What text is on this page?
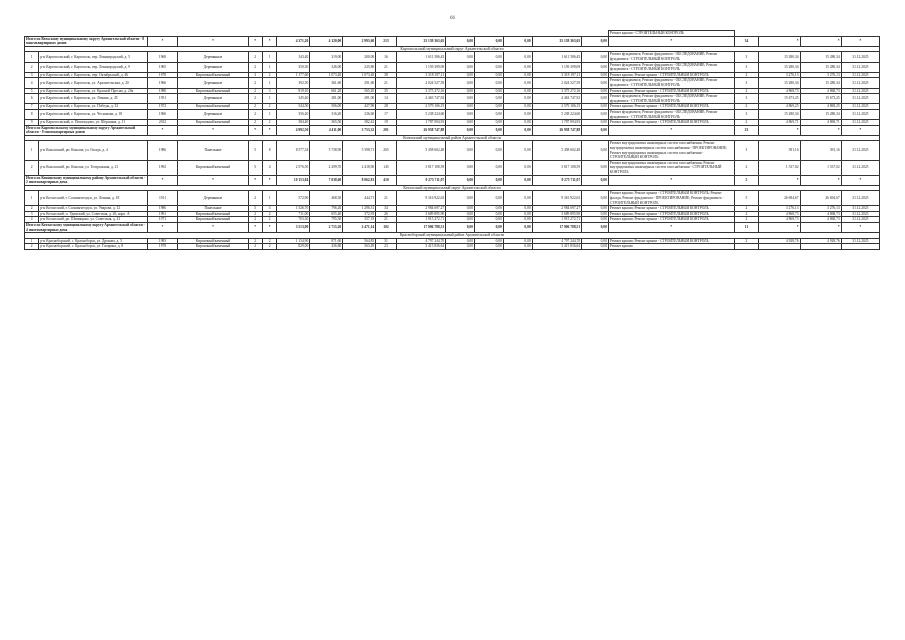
66
																Ремонт крыши - СТРОИТЕЛЬНЫЙ КОНТРОЛЬ				
Итого по Вельскому муниципальному округу Архангельской области - 8 многоквартирных домов		*	*	*	*	4 371,20	4 120,00	2 993,60	213	25 139 363,65	0,00	0,00	0,00	25 139 363,65	0,00	*	34	*	*	*
Каргопольский муниципальный округ Архангельской области																				
1	р-н Каргопольский, г. Каргополь, пер. Ленинградский, д. 5	1960	Деревянные	2	1	343,40	319,00	200,00	16	1 611 586,45	0,00	0,00	0,00	1 611 586,45	0,00	Ремонт фундамента; Ремонт фундамента - ОБСЛЕДОВАНИЕ; Ремонт фундамента - СТРОИТЕЛЬНЫЙ КОНТРОЛЬ	3	15 280,34	15 280,34	31.12.2025
2	р-н Каргопольский, г. Каргополь, пер. Ленинградский, д. 9	1965	Деревянные	2	1	350,30	326,00	225,80	21	1 159 299,09	0,00	0,00	0,00	1 159 299,09	0,00	Ремонт фундамента; Ремонт фундамента - ОБСЛЕДОВАНИЕ; Ремонт фундамента - СТРОИТЕЛЬНЫЙ КОНТРОЛЬ	3	15 280,34	15 280,34	31.12.2025
3	р-н Каргопольский, г. Каргополь, пер. Октябрьский, д. 46	1978	Кирпичный/каменный	3	2	1 177,60	1 073,40	1 073,40	38	3 318 197,11	0,00	0,00	0,00	3 318 197,11	0,00	Ремонт крыши; Ремонт крыши - СТРОИТЕЛЬНЫЙ КОНТРОЛЬ	2	3 276,13	3 276,13	31.12.2025
4	р-н Каргопольский, г. Каргополь, ул. Архангельская, д. 20	1966	Деревянные	2	1	392,50	361,60	291,60	21	2 024 527,59	0,00	0,00	0,00	2 024 527,59	0,00	Ремонт фундамента; Ремонт фундамента - ОБСЛЕДОВАНИЕ; Ремонт фундамента - СТРОИТЕЛЬНЫЙ КОНТРОЛЬ	3	15 280,34	15 280,34	31.12.2025
5	р-н Каргопольский, г. Каргополь, ул. Красной Пресни, д. 20а	1980	Кирпичный/каменный	2	3	819,10	661,20	565,20	35	3 375 272,16	0,00	0,00	0,00	3 375 272,16	0,00	Ремонт крыши; Ремонт крыши - СТРОИТЕЛЬНЫЙ КОНТРОЛЬ	2	4 868,73	4 868,73	31.12.2025
6	р-н Каргопольский, г. Каргополь, ул. Ленина, д. 45	1951	Деревянные	2	1	345,40	281,00	281,00	14	4 463 747,92	0,00	0,00	0,00	4 463 747,92	0,00	Ремонт фундамента; Ремонт фундамента - ОБСЛЕДОВАНИЕ; Ремонт фундамента - СТРОИТЕЛЬНЫЙ КОНТРОЛЬ	3	15 673,25	15 673,25	31.12.2025
7	р-н Каргопольский, г. Каргополь, ул. Победы, д. 32	1972	Кирпичный/каменный	2	2	544,50	506,00	427,90	28	2 579 106,15	0,00	0,00	0,00	2 579 106,15	0,00	Ремонт крыши; Ремонт крыши - СТРОИТЕЛЬНЫЙ КОНТРОЛЬ	2	4 869,25	4 869,25	31.12.2025
8	р-н Каргопольский, г. Каргополь, ул. Чеснокова, д. 18	1966	Деревянные	2	1	356,20	316,20	236,60	17	5 238 224,60	0,00	0,00	0,00	5 238 224,60	0,00	Ремонт фундамента; Ремонт фундамента - ОБСЛЕДОВАНИЕ; Ремонт фундамента - СТРОИТЕЛЬНЫЙ КОНТРОЛЬ	3	15 280,34	15 280,34	31.12.2025
9	р-н Каргопольский, п. Пешеходово, ул. Шершина, д. 11	2012	Кирпичный/каменный	2	2	384,40	365,50	382,42	19	1 787 094,93	0,00	0,00	0,00	1 787 094,93	0,00	Ремонт крыши; Ремонт крыши - СТРОИТЕЛЬНЫЙ КОНТРОЛЬ	2	4 869,71	4 869,71	31.12.2025
Итого по Каргопольскому муниципальному округу Архангельской области - 9 многоквартирных домов		*	*	*	*	4 992,50	4 411,00	3 753,32	201	26 958 747,88	0,00	0,00	0,00	26 958 747,88	0,00	*	23	*	*	*
Коношский муниципальный район Архангельской области																				
1	р-н Коношский, рп. Коноша, ул. Гвоздь, д. 4	1986	Панельные	5	8	8 577,34	5 738,90	5 398,71	265	5 458 602,48	0,00	0,00	0,00	5 458 602,48	0,00	Ремонт внутридомовых инженерных систем газоснабжения; Ремонт внутридомовых инженерных систем газоснабжения - ПРОЕКТИРОВАНИЕ; Ремонт внутридомовых инженерных систем газоснабжения - СТРОИТЕЛЬНЫЙ КОНТРОЛЬ	3	391,16	391,16	31.12.2025
2	р-н Коношский, рп. Коноша, ул. Театральная, д. 21	1992	Кирпичный/каменный	5	4	2 576,50	2 299,70	2 418,90	145	3 817 108,59	0,00	0,00	0,00	3 817 108,59	0,00	Ремонт внутридомовых инженерных систем газоснабжения; Ремонт внутридомовых инженерных систем газоснабжения - СТРОИТЕЛЬНЫЙ КОНТРОЛЬ	2	1 537,02	1 537,02	31.12.2025
Итого по Коношскому муниципальному району Архангельской области - 2 многоквартирных дома		*	*	*	*	10 153,84	7 038,60	8 062,81	410	9 275 711,07	0,00	0,00	0,00	9 275 711,07	0,00	*	5	*	*	*
Котласский муниципальный округ Архангельской области																				
1	р-н Котласский, г. Сольвычегодск, ул. Ленина, д. 18	1911	Деревянные	2	1	572,90	468,30	444,71	21	9 316 922,63	0,00	0,00	0,00	9 316 922,63	0,00	Ремонт крыши; Ремонт крыши - СТРОИТЕЛЬНЫЙ КОНТРОЛЬ; Ремонт фасада; Ремонт фундамента - ПРОЕКТИРОВАНИЕ; Ремонт фундамента - СТРОИТЕЛЬНЫЙ КОНТРОЛЬ	5	26 694,67	26 694,67	31.12.2025
2	р-н Котласский, г. Сольвычегодск, ул. Уварова, д. 12	1986	Панельные	5	3	1 526,70	796,20	1 296,31	34	2 984 697,27	0,00	0,00	0,00	2 984 697,27	0,00	Ремонт крыши; Ремонт крыши - СТРОИТЕЛЬНЫЙ КОНТРОЛЬ	2	3 276,13	3 276,13	31.12.2025
3	р-н Котласский, п. Удимский, ул. Советская, д. 26, корп. А	1991	Кирпичный/каменный	2	2	711,00	655,40	372,93	26	3 689 895,90	0,00	0,00	0,00	3 689 895,90	0,00	Ремонт крыши; Ремонт крыши - СТРОИТЕЛЬНЫЙ КОНТРОЛЬ	2	4 868,73	4 868,73	31.12.2025
4	р-н Котласский, рп. Шипицыно, ул. Советская, д. 41	1971	Кирпичный/каменный	2	2	703,30	795,30	357,19	21	1 915 272,71	0,00	0,00	0,00	1 915 272,71	0,00	Ремонт крыши; Ремонт крыши - СТРОИТЕЛЬНЫЙ КОНТРОЛЬ	2	4 868,73	4 868,73	31.12.2025
Итого по Котласскому муниципальному округу Архангельской области - 4 многоквартирных дома		*	*	*	*	3 513,90	2 715,20	2 471,14	102	17 906 788,51	0,00	0,00	0,00	17 906 788,51	0,00	*	11	*	*	*
Красноборский муниципальный район Архангельской области																				
1	р-н Красноборский, с. Красноборск, ул. Дрокова, д. 5	1983	Кирпичный/каменный	2	2	1 134,90	871,60	564,85	31	4 797 244,70	0,00	0,00	0,00	4 797 244,70	0,00	Ремонт крыши; Ремонт крыши - СТРОИТЕЛЬНЫЙ КОНТРОЛЬ	2	4 928,76	4 928,76	31.12.2025
2	р-н Красноборский, с. Красноборск, ул. Гагарина, д. 8	1979	Кирпичный/каменный	2	2	829,00	436,80	563,49	23	3 415 836,64	0,00	0,00	0,00	3 415 836,64	0,00	Ремонт крыши				
